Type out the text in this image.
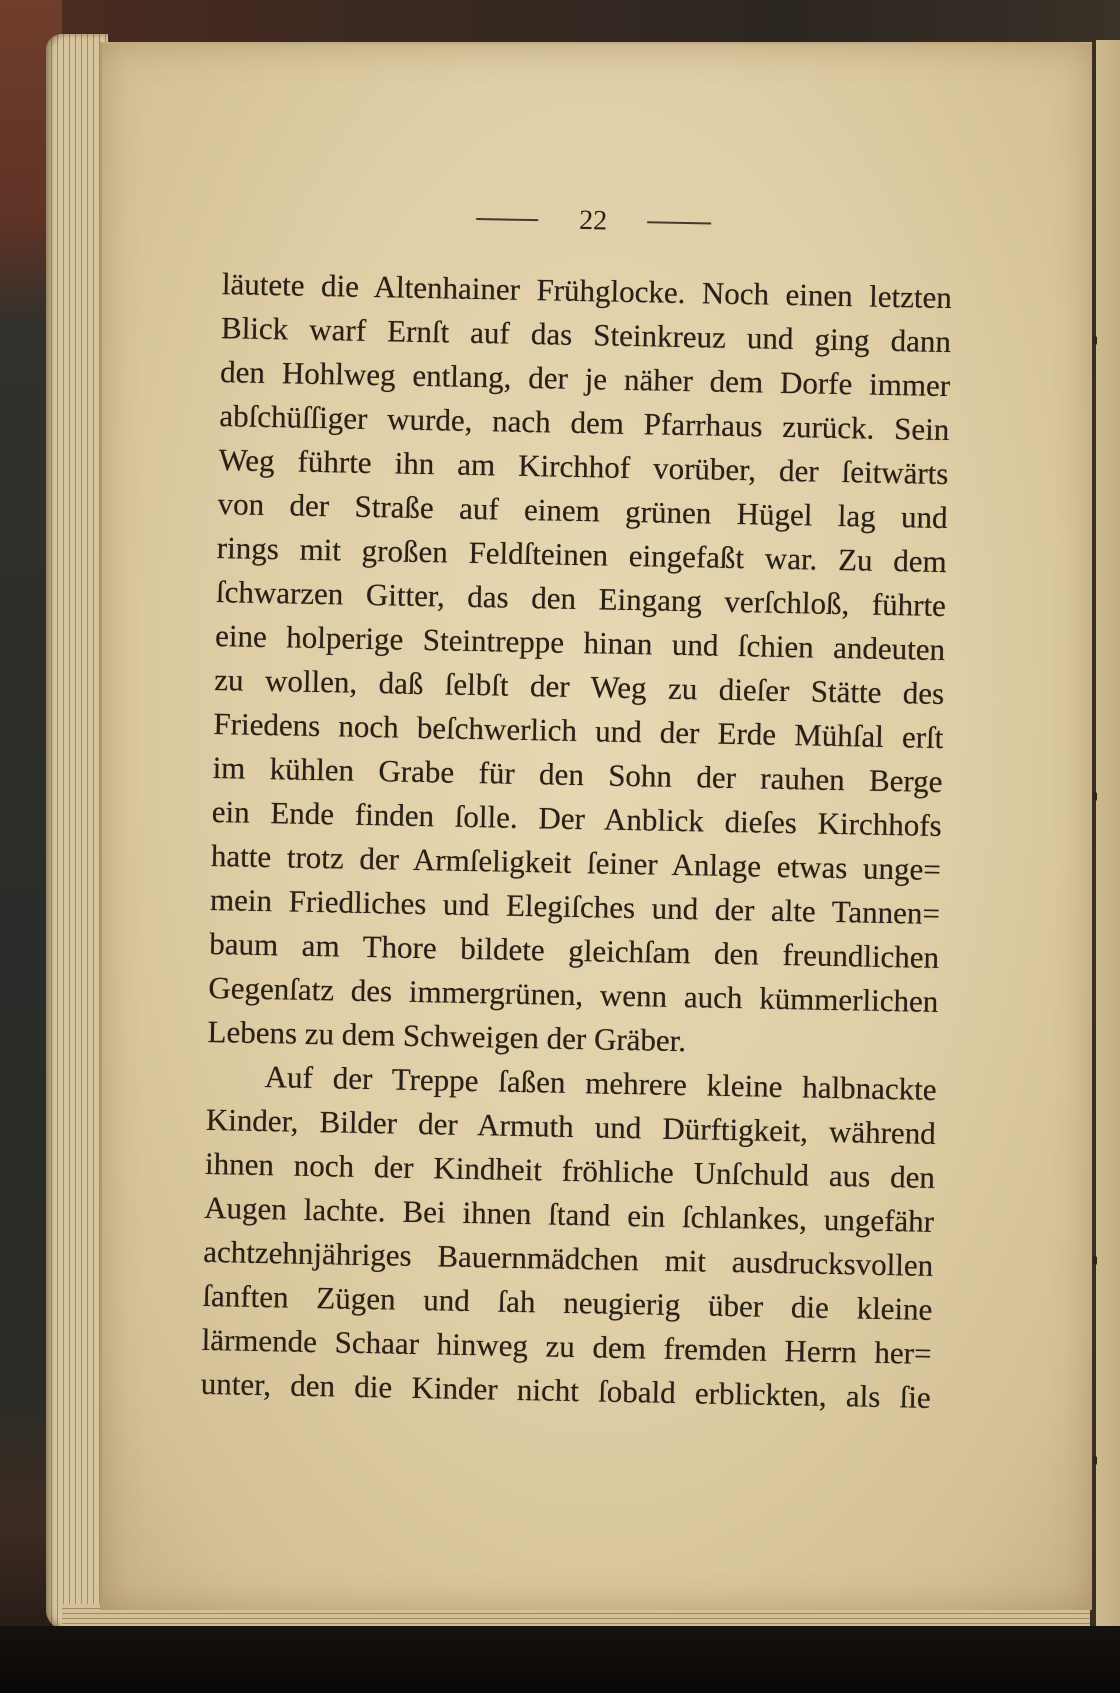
22
läutete die Altenhainer Frühglocke. Noch einen letzten
Blick warf Ernſt auf das Steinkreuz und ging dann
den Hohlweg entlang, der je näher dem Dorfe immer
abſchüſſiger wurde, nach dem Pfarrhaus zurück. Sein
Weg führte ihn am Kirchhof vorüber, der ſeitwärts
von der Straße auf einem grünen Hügel lag und
rings mit großen Feldſteinen eingefaßt war. Zu dem
ſchwarzen Gitter, das den Eingang verſchloß, führte
eine holperige Steintreppe hinan und ſchien andeuten
zu wollen, daß ſelbſt der Weg zu dieſer Stätte des
Friedens noch beſchwerlich und der Erde Mühſal erſt
im kühlen Grabe für den Sohn der rauhen Berge
ein Ende finden ſolle. Der Anblick dieſes Kirchhofs
hatte trotz der Armſeligkeit ſeiner Anlage etwas unge=
mein Friedliches und Elegiſches und der alte Tannen=
baum am Thore bildete gleichſam den freundlichen
Gegenſatz des immergrünen, wenn auch kümmerlichen
Lebens zu dem Schweigen der Gräber.
Auf der Treppe ſaßen mehrere kleine halbnackte
Kinder, Bilder der Armuth und Dürftigkeit, während
ihnen noch der Kindheit fröhliche Unſchuld aus den
Augen lachte. Bei ihnen ſtand ein ſchlankes, ungefähr
achtzehnjähriges Bauernmädchen mit ausdrucksvollen
ſanften Zügen und ſah neugierig über die kleine
lärmende Schaar hinweg zu dem fremden Herrn her=
unter, den die Kinder nicht ſobald erblickten, als ſie
